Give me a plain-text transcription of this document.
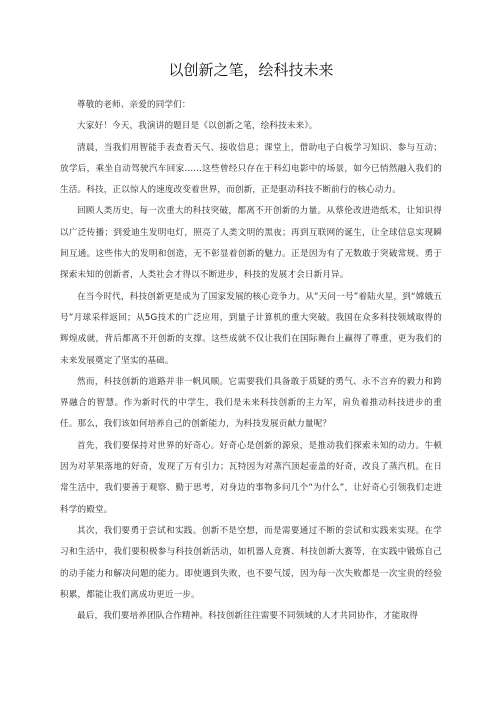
以创新之笔，绘科技未来

尊敬的老师、亲爱的同学们：

大家好！今天，我演讲的题目是《以创新之笔，绘科技未来》。

清晨，当我们用智能手表查看天气、接收信息；课堂上，借助电子白板学习知识、参与互动；放学后，乘坐自动驾驶汽车回家……这些曾经只存在于科幻电影中的场景，如今已悄然融入我们的生活。科技，正以惊人的速度改变着世界，而创新，正是驱动科技不断前行的核心动力。

回顾人类历史，每一次重大的科技突破，都离不开创新的力量。从蔡伦改进造纸术，让知识得以广泛传播；到爱迪生发明电灯，照亮了人类文明的黑夜；再到互联网的诞生，让全球信息实现瞬间互通。这些伟大的发明和创造，无不彰显着创新的魅力。正是因为有了无数敢于突破常规、勇于探索未知的创新者，人类社会才得以不断进步，科技的发展才会日新月异。

在当今时代，科技创新更是成为了国家发展的核心竞争力。从“天问一号”着陆火星，到“嫦娥五号”月球采样返回；从5G技术的广泛应用，到量子计算机的重大突破。我国在众多科技领域取得的辉煌成就，背后都离不开创新的支撑。这些成就不仅让我们在国际舞台上赢得了尊重，更为我们的未来发展奠定了坚实的基础。

然而，科技创新的道路并非一帆风顺。它需要我们具备敢于质疑的勇气、永不言弃的毅力和跨界融合的智慧。作为新时代的中学生，我们是未来科技创新的主力军，肩负着推动科技进步的重任。那么，我们该如何培养自己的创新能力，为科技发展贡献力量呢？

首先，我们要保持对世界的好奇心。好奇心是创新的源泉，是推动我们探索未知的动力。牛顿因为对苹果落地的好奇，发现了万有引力；瓦特因为对蒸汽顶起壶盖的好奇，改良了蒸汽机。在日常生活中，我们要善于观察、勤于思考，对身边的事物多问几个“为什么”，让好奇心引领我们走进科学的殿堂。

其次，我们要勇于尝试和实践。创新不是空想，而是需要通过不断的尝试和实践来实现。在学习和生活中，我们要积极参与科技创新活动，如机器人竞赛、科技创新大赛等，在实践中锻炼自己的动手能力和解决问题的能力。即使遇到失败，也不要气馁，因为每一次失败都是一次宝贵的经验积累，都能让我们离成功更近一步。

最后，我们要培养团队合作精神。科技创新往往需要不同领域的人才共同协作，才能取得
